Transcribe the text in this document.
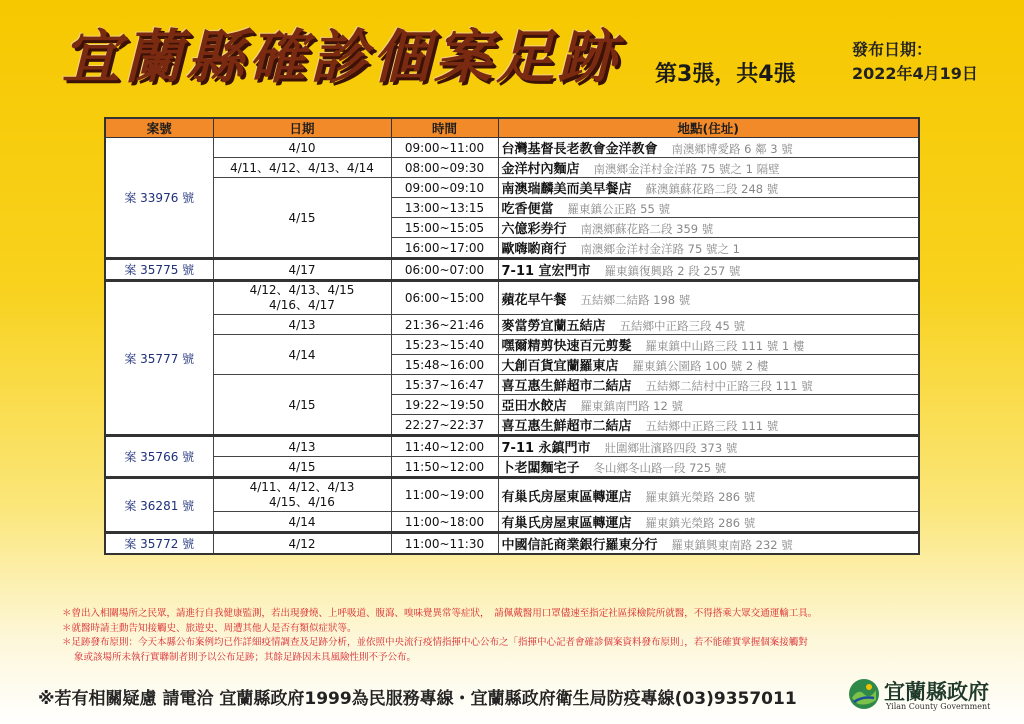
宜蘭縣確診個案足跡 第3張，共4張
發布日期：
2022年4月19日
案號	日期	時間	地點(住址)
案 33976 號	4/10	09:00~11:00	台灣基督長老教會金洋教會 南澳鄉博愛路 6 鄰 3 號
	4/11、4/12、4/13、4/14	08:00~09:30	金洋村內麵店 南澳鄉金洋村金洋路 75 號之 1 隔壁
	4/15	09:00~09:10	南澳瑞麟美而美早餐店 蘇澳鎮蘇花路二段 248 號
		13:00~13:15	吃香便當 羅東鎮公正路 55 號
		15:00~15:05	六億彩券行 南澳鄉蘇花路二段 359 號
		16:00~17:00	歐嗨喲商行 南澳鄉金洋村金洋路 75 號之 1
案 35775 號	4/17	06:00~07:00	7-11 宣宏門市 羅東鎮復興路 2 段 257 號
案 35777 號	4/12、4/13、4/15
4/16、4/17	06:00~15:00	蘋花早午餐 五結鄉二結路 198 號
	4/13	21:36~21:46	麥當勞宜蘭五結店 五結鄉中正路三段 45 號
	4/14	15:23~15:40	嘿爾精剪快速百元剪髮 羅東鎮中山路三段 111 號 1 樓
		15:48~16:00	大創百貨宜蘭羅東店 羅東鎮公園路 100 號 2 樓
	4/15	15:37~16:47	喜互惠生鮮超市二結店 五結鄉二結村中正路三段 111 號
		19:22~19:50	亞田水餃店 羅東鎮南門路 12 號
		22:27~22:37	喜互惠生鮮超市二結店 五結鄉中正路三段 111 號
案 35766 號	4/13	11:40~12:00	7-11 永鎮門市 壯圍鄉壯濱路四段 373 號
	4/15	11:50~12:00	卜老闆麵宅子 冬山鄉冬山路一段 725 號
案 36281 號	4/11、4/12、4/13
4/15、4/16	11:00~19:00	有巢氏房屋東區轉運店 羅東鎮光榮路 286 號
	4/14	11:00~18:00	有巢氏房屋東區轉運店 羅東鎮光榮路 286 號
案 35772 號	4/12	11:00~11:30	中國信託商業銀行羅東分行 羅東鎮興東南路 232 號
＊曾出入相關場所之民眾，請進行自我健康監測，若出現發燒、上呼吸道、腹瀉、嗅味覺異常等症狀，　請佩戴醫用口罩儘速至指定社區採檢院所就醫，不得搭乘大眾交通運輸工具。
＊就醫時請主動告知接觸史、旅遊史、周遭其他人是否有類似症狀等。
＊足跡發布原則：今天本縣公布案例均已作詳細疫情調查及足跡分析，並依照中央流行疫情指揮中心公布之「指揮中心記者會確診個案資料發布原則」，若不能確實掌握個案接觸對
象或該場所未執行實聯制者則予以公布足跡；其餘足跡因未具風險性則不予公布。
※若有相關疑慮 請電洽 宜蘭縣政府1999為民服務專線・宜蘭縣政府衛生局防疫專線(03)9357011	宜蘭縣政府
Yilan County Government
